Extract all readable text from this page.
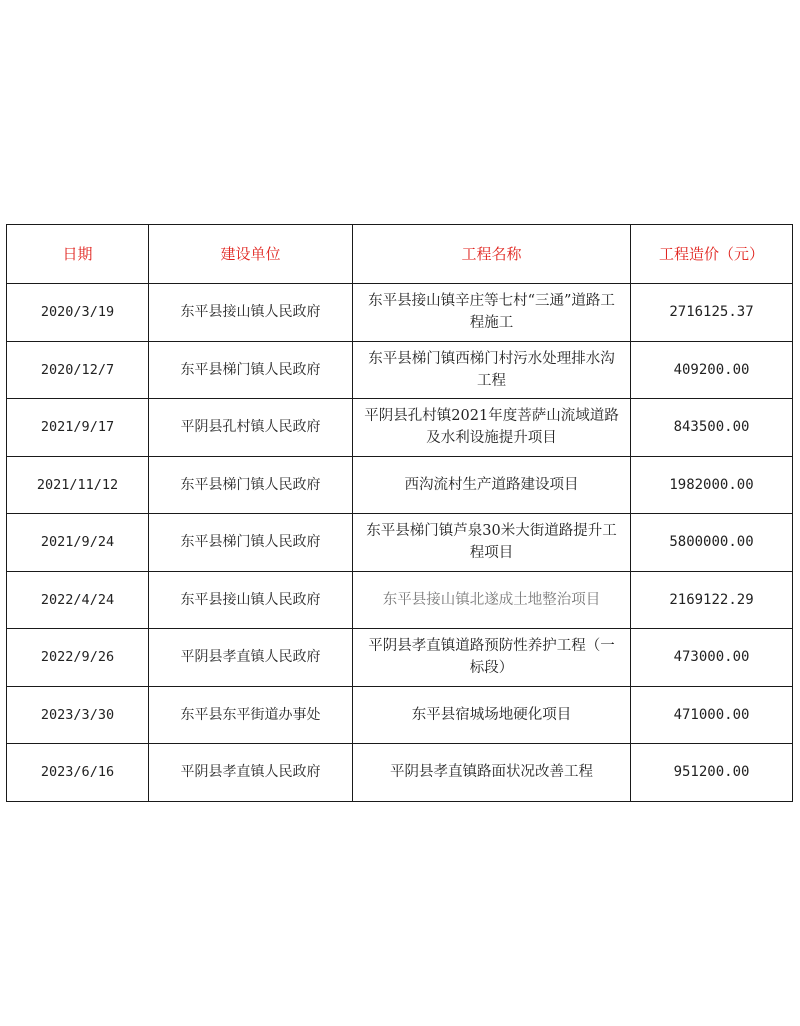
日期	建设单位	工程名称	工程造价（元）
2020/3/19	东平县接山镇人民政府	东平县接山镇辛庄等七村“三通”道路工程施工	2716125.37
2020/12/7	东平县梯门镇人民政府	东平县梯门镇西梯门村污水处理排水沟工程	409200.00
2021/9/17	平阴县孔村镇人民政府	平阴县孔村镇2021年度菩萨山流域道路及水利设施提升项目	843500.00
2021/11/12	东平县梯门镇人民政府	西沟流村生产道路建设项目	1982000.00
2021/9/24	东平县梯门镇人民政府	东平县梯门镇芦泉30米大街道路提升工程项目	5800000.00
2022/4/24	东平县接山镇人民政府	东平县接山镇北遂成土地整治项目	2169122.29
2022/9/26	平阴县孝直镇人民政府	平阴县孝直镇道路预防性养护工程（一标段）	473000.00
2023/3/30	东平县东平街道办事处	东平县宿城场地硬化项目	471000.00
2023/6/16	平阴县孝直镇人民政府	平阴县孝直镇路面状况改善工程	951200.00
